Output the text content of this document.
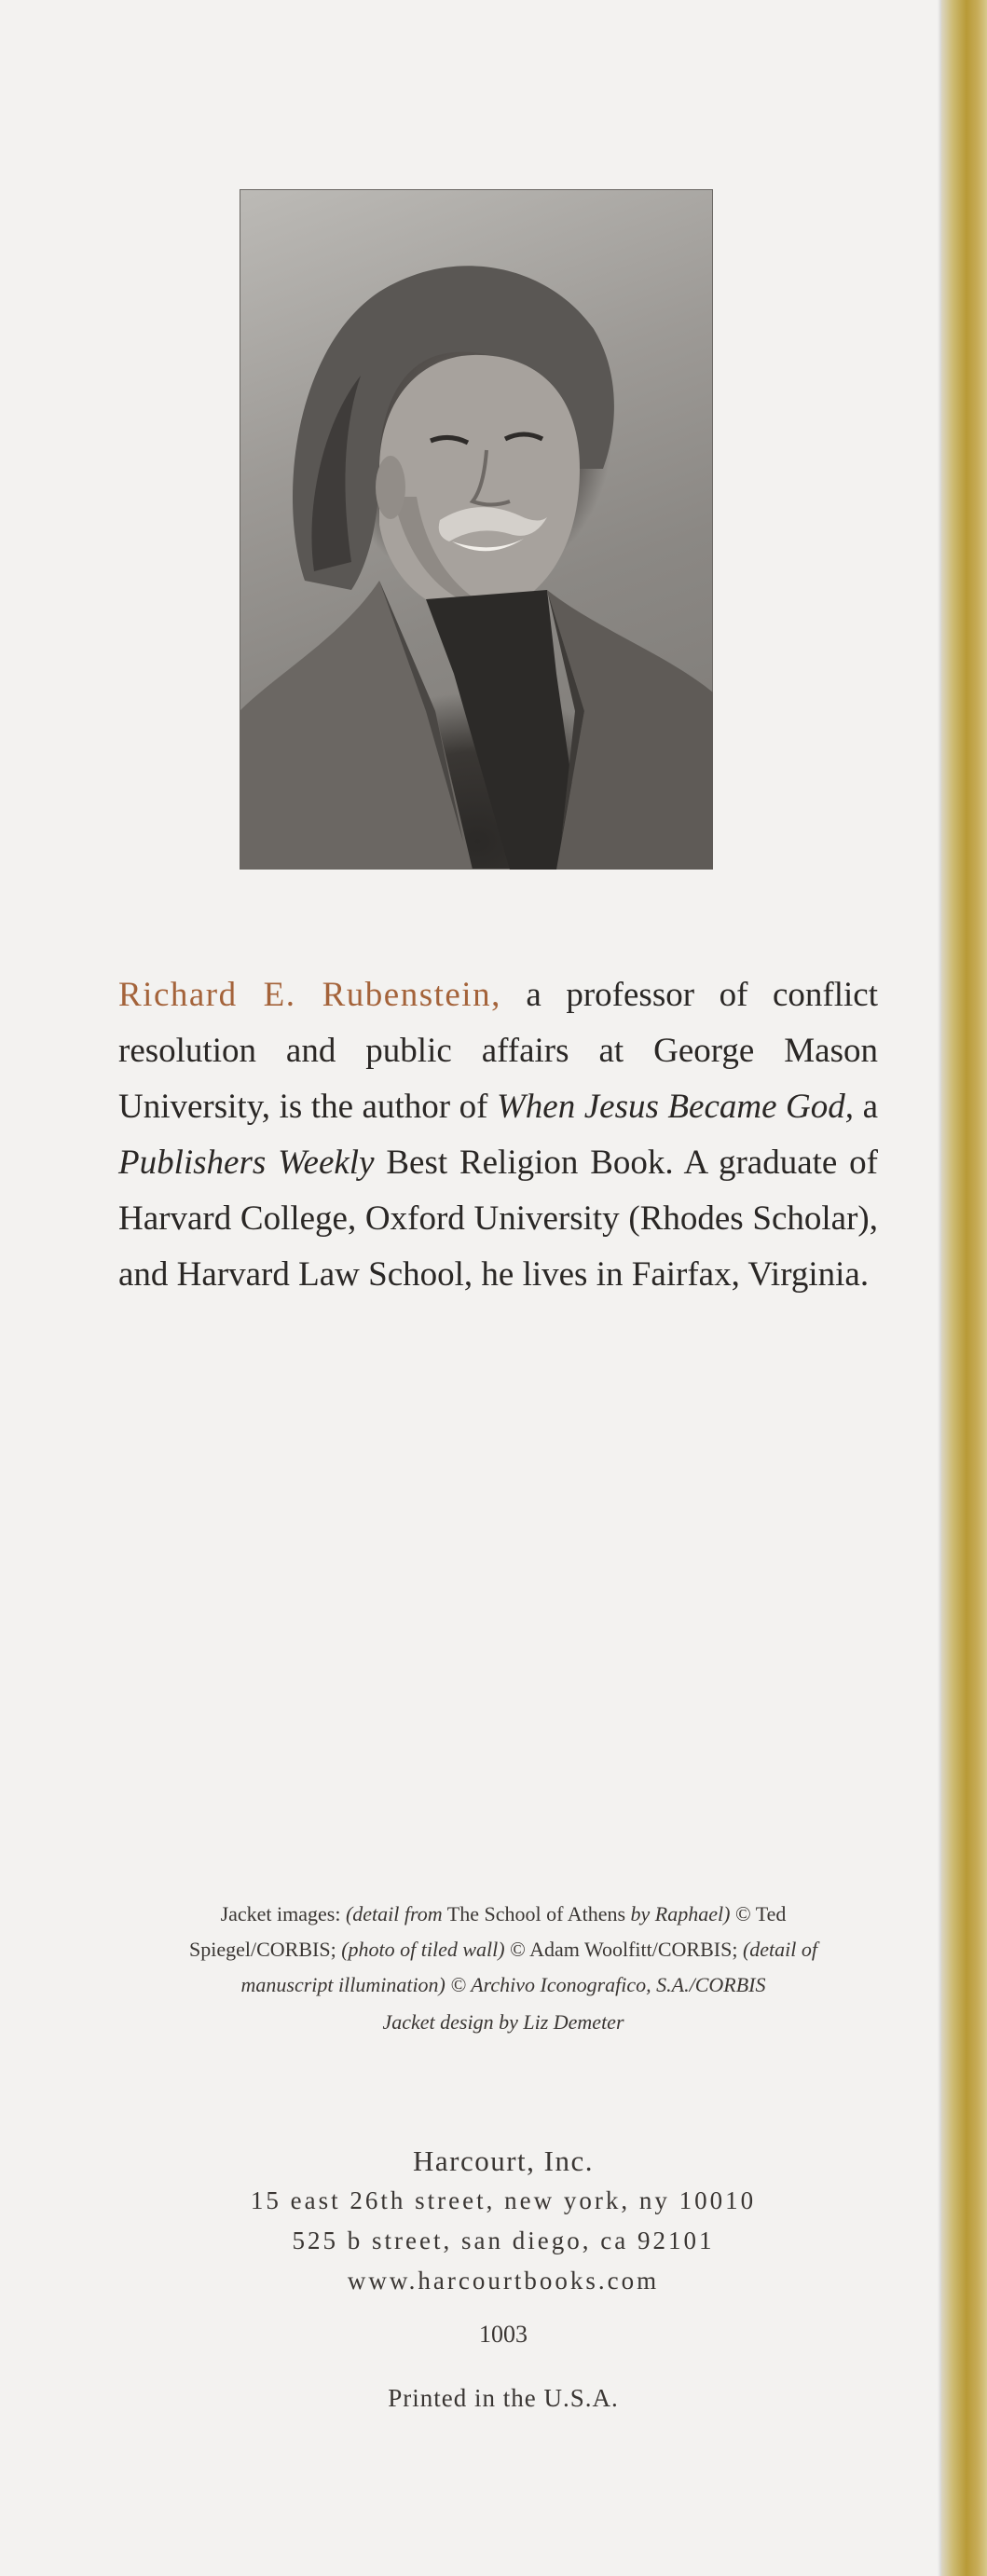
Richard E. Rubenstein, a professor of conflict resolution and public affairs at George Mason University, is the author of When Jesus Became God, a Publishers Weekly Best Religion Book. A graduate of Harvard College, Oxford University (Rhodes Scholar), and Harvard Law School, he lives in Fairfax, Virginia.
Jacket images: (detail from The School of Athens by Raphael) © Ted Spiegel/CORBIS; (photo of tiled wall) © Adam Woolfitt/CORBIS; (detail of manuscript illumination) © Archivo Iconografico, S.A./CORBIS
Jacket design by Liz Demeter
Harcourt, Inc.
15 east 26th street, new york, ny 10010
525 b street, san diego, ca 92101
www.harcourtbooks.com
1003
Printed in the U.S.A.
